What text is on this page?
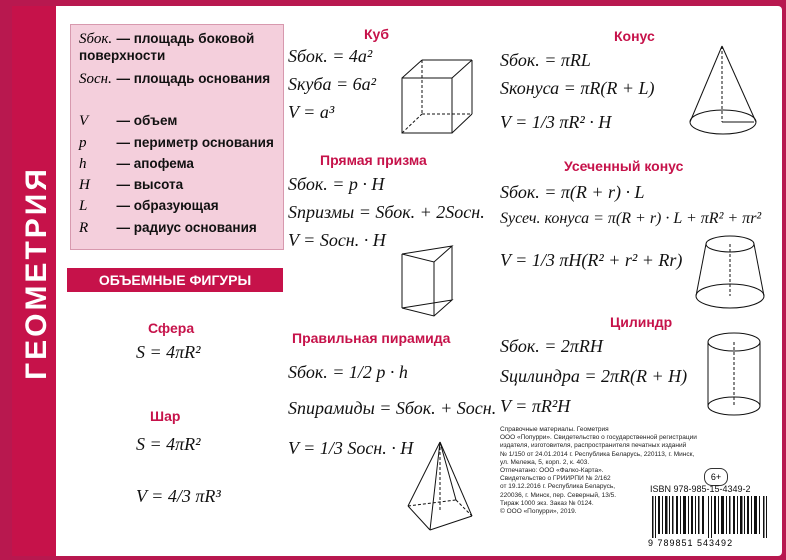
ГЕОМЕТРИЯ
Sбок. — площадь боковой поверхности
Sосн. — площадь основания
V — объем
p — периметр основания
h — апофема
H — высота
L — образующая
R — радиус основания
ОБЪЕМНЫЕ ФИГУРЫ
Сфера
S = 4πR²
Шар
S = 4πR²
V = 4/3 πR³
Куб
Sбок. = 4a²
Sкуба = 6a²
V = a³
Прямая призма
Sбок. = p · H
Sпризмы = Sбок. + 2Sосн.
V = Sосн. · H
Правильная пирамида
Sбок. = 1/2 p · h
Sпирамиды = Sбок. + Sосн.
V = 1/3 Sосн. · H
Конус
Sбок. = πRL
Sконуса = πR(R + L)
V = 1/3 πR² · H
Усеченный конус
Sбок. = π(R + r) · L
Sусеч. конуса = π(R + r) · L + πR² + πr²
V = 1/3 πH(R² + r² + Rr)
Цилиндр
Sбок. = 2πRH
Sцилиндра = 2πR(R + H)
V = πR²H
Справочные материалы. Геометрия
ООО «Попурри». Свидетельство о государственной регистрации
издателя, изготовителя, распространителя печатных изданий
№ 1/150 от 24.01.2014 г. Республика Беларусь, 220113, г. Минск,
ул. Мележа, 5, корп. 2, к. 403.
Отпечатано: ООО «Фалко-Карта».
Свидетельство о ГРИИРПИ № 2/162
от 19.12.2016 г. Республика Беларусь,
220036, г. Минск, пер. Северный, 13/5.
Тираж 1000 экз. Заказ № 0124.
© ООО «Попурри», 2019.
6+
ISBN 978-985-15-4349-2
9 789851 543492
